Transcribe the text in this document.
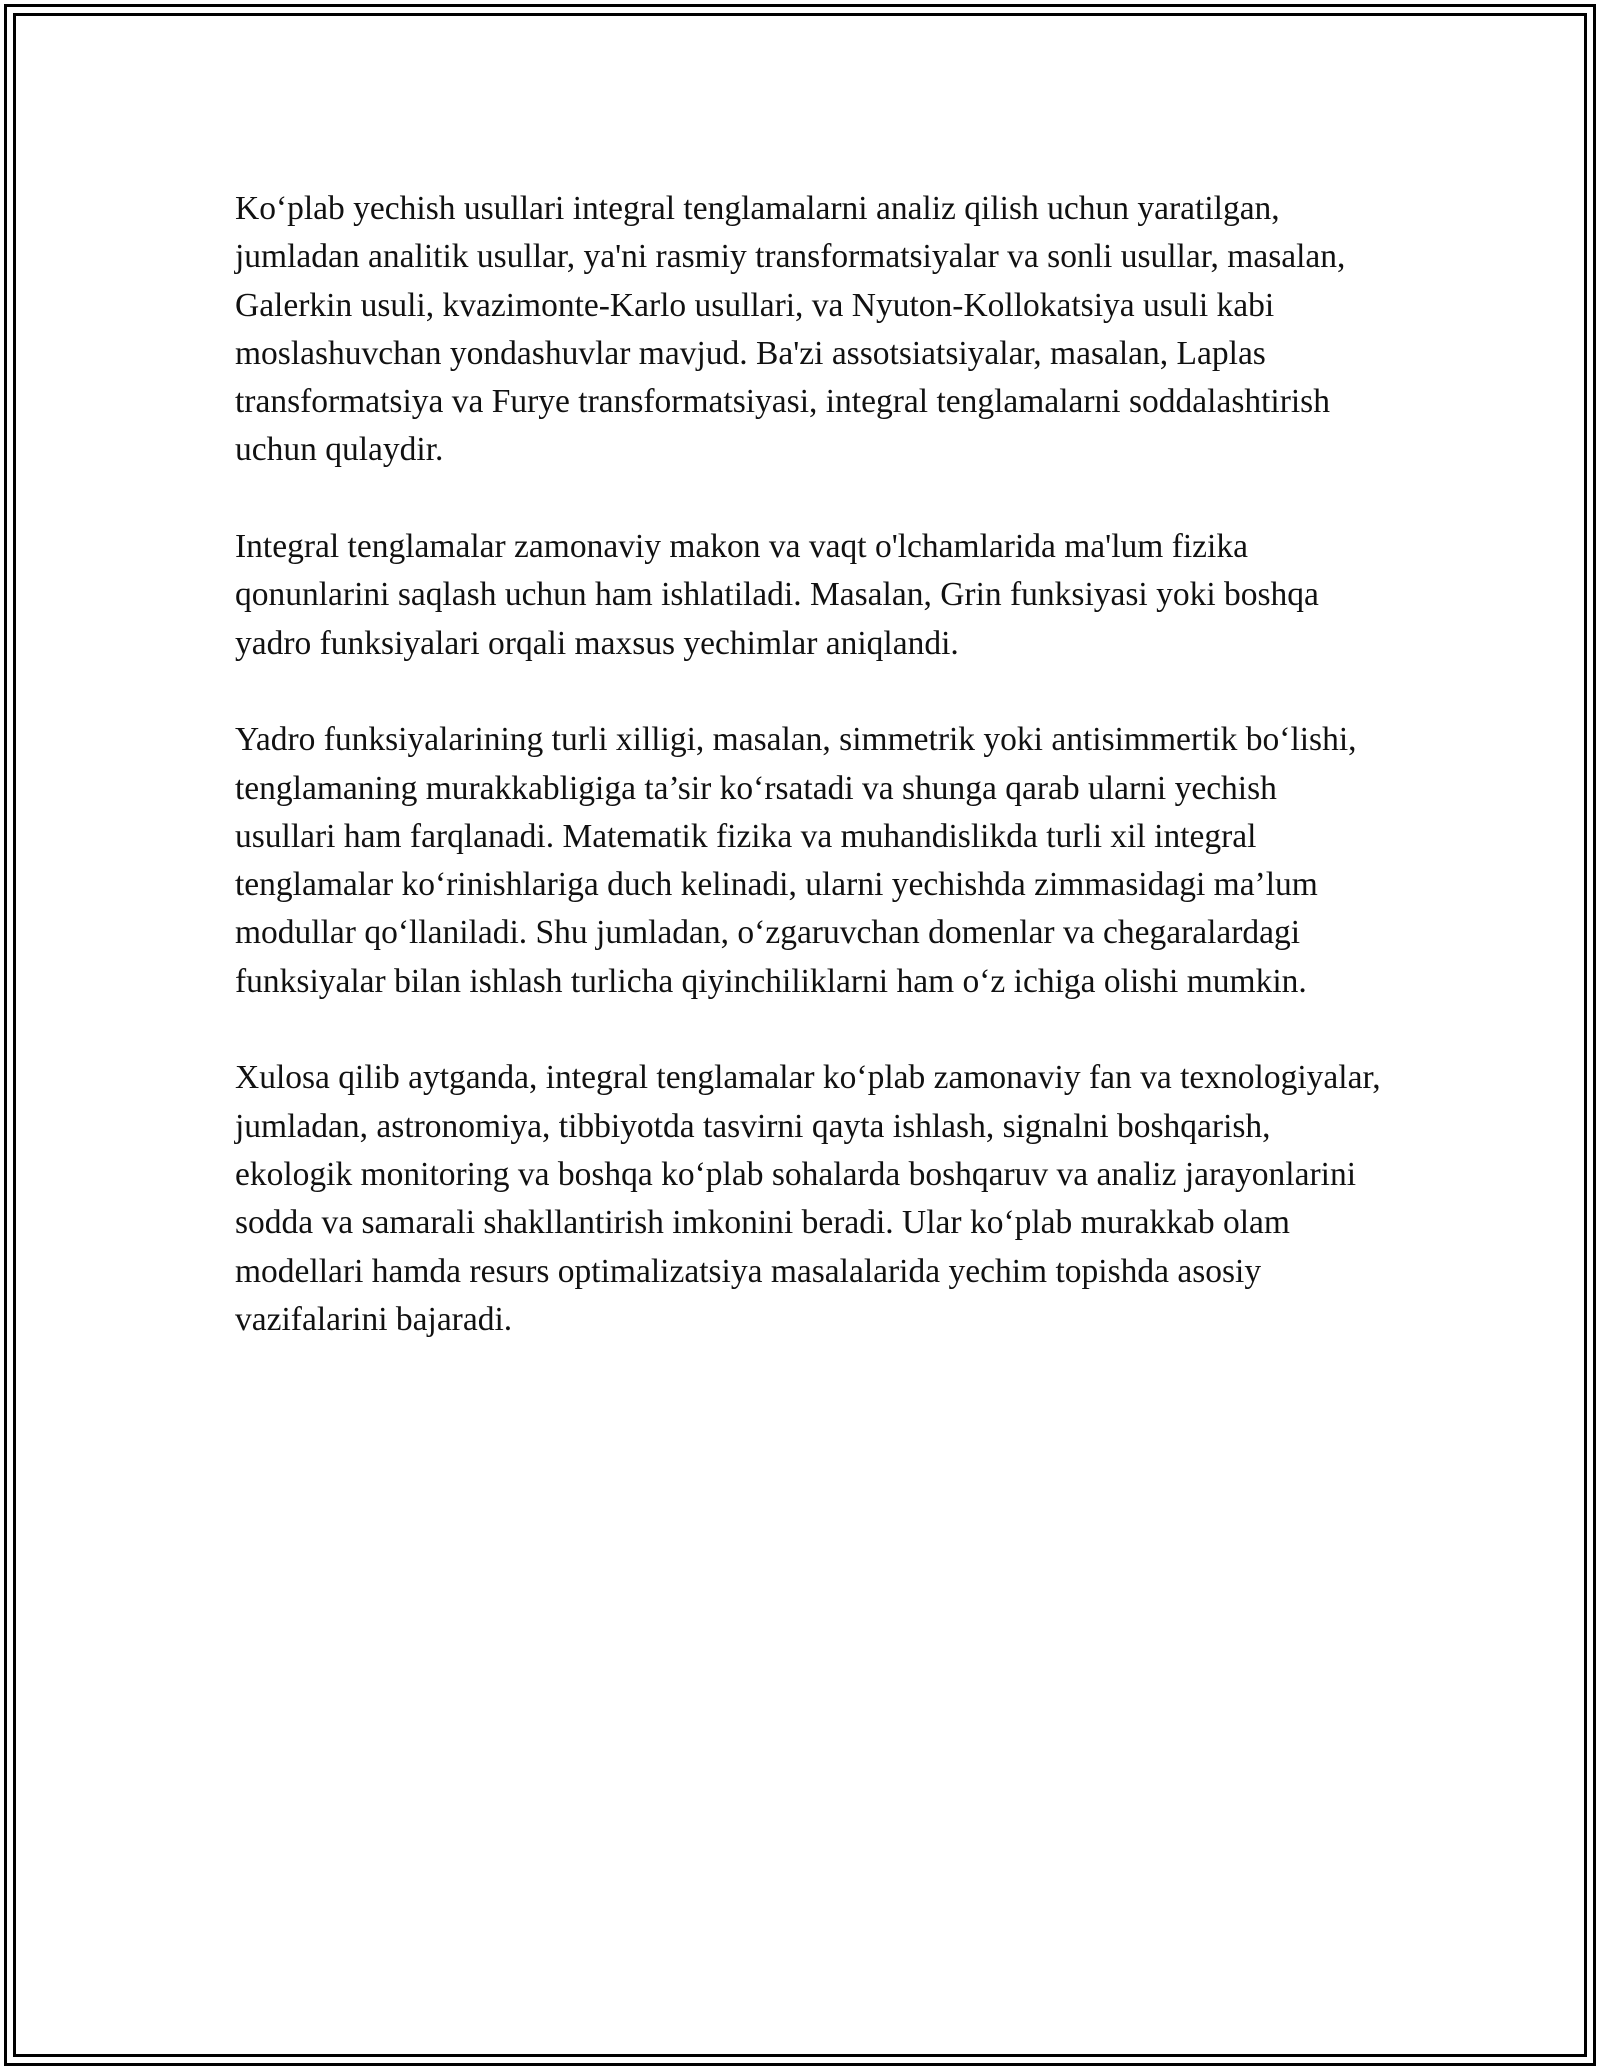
Ko‘plab yechish usullari integral tenglamalarni analiz qilish uchun yaratilgan, jumladan analitik usullar, ya'ni rasmiy transformatsiyalar va sonli usullar, masalan, Galerkin usuli, kvazimonte-Karlo usullari, va Nyuton-Kollokatsiya usuli kabi moslashuvchan yondashuvlar mavjud. Ba'zi assotsiatsiyalar, masalan, Laplas transformatsiya va Furye transformatsiyasi, integral tenglamalarni soddalashtirish uchun qulaydir.

Integral tenglamalar zamonaviy makon va vaqt o'lchamlarida ma'lum fizika qonunlarini saqlash uchun ham ishlatiladi. Masalan, Grin funksiyasi yoki boshqa yadro funksiyalari orqali maxsus yechimlar aniqlandi.

Yadro funksiyalarining turli xilligi, masalan, simmetrik yoki antisimmertik bo‘lishi, tenglamaning murakkabligiga ta’sir ko‘rsatadi va shunga qarab ularni yechish usullari ham farqlanadi. Matematik fizika va muhandislikda turli xil integral tenglamalar ko‘rinishlariga duch kelinadi, ularni yechishda zimmasidagi ma’lum modullar qo‘llaniladi. Shu jumladan, o‘zgaruvchan domenlar va chegaralardagi funksiyalar bilan ishlash turlicha qiyinchiliklarni ham o‘z ichiga olishi mumkin.

Xulosa qilib aytganda, integral tenglamalar ko‘plab zamonaviy fan va texnologiyalar, jumladan, astronomiya, tibbiyotda tasvirni qayta ishlash, signalni boshqarish, ekologik monitoring va boshqa ko‘plab sohalarda boshqaruv va analiz jarayonlarini sodda va samarali shakllantirish imkonini beradi. Ular ko‘plab murakkab olam modellari hamda resurs optimalizatsiya masalalarida yechim topishda asosiy vazifalarini bajaradi.
